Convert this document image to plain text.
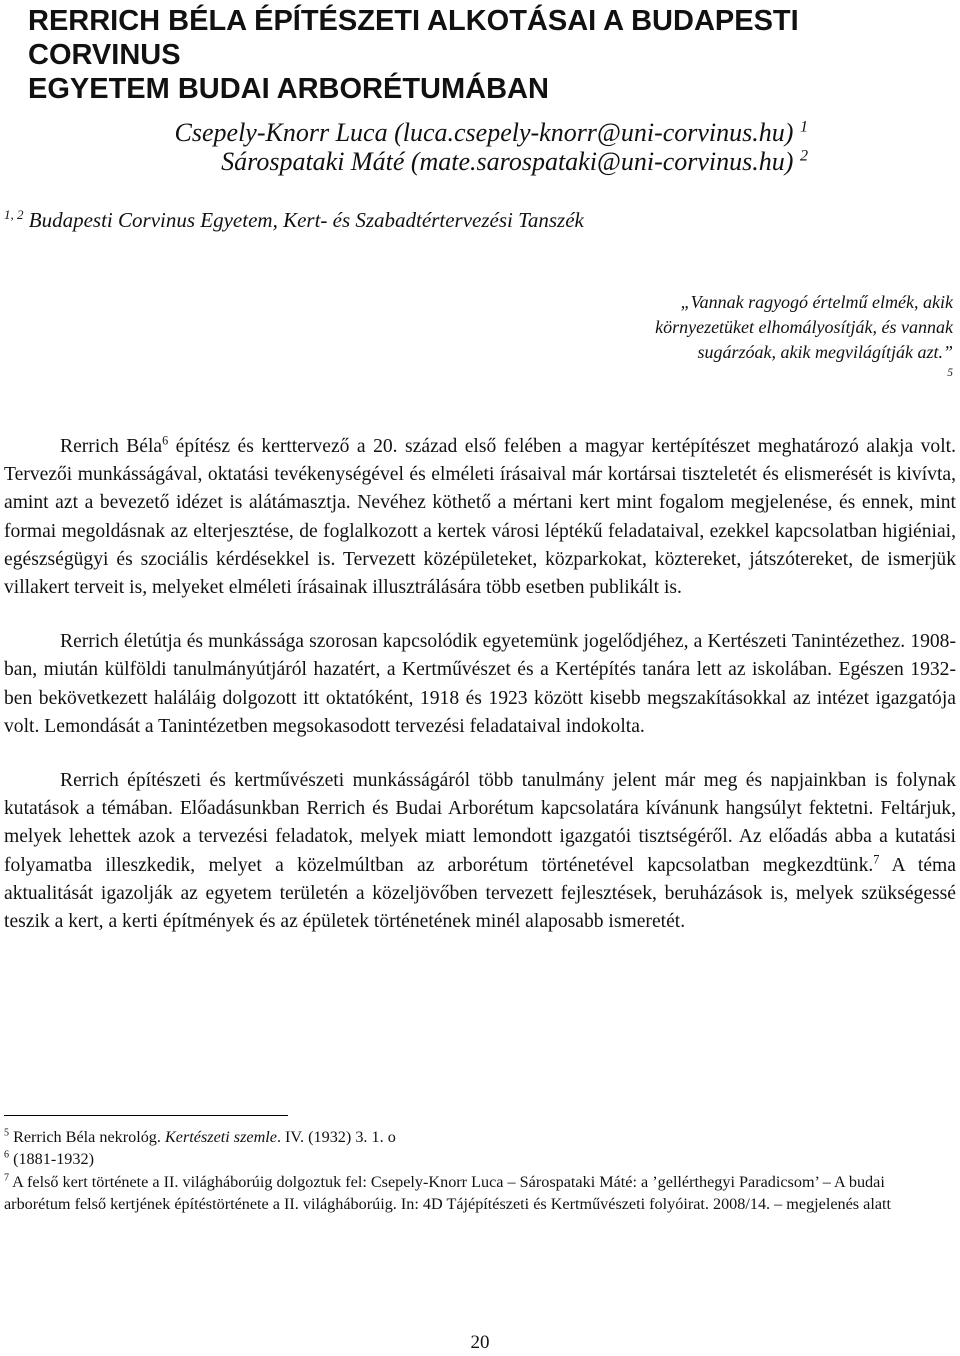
RERRICH BÉLA ÉPÍTÉSZETI ALKOTÁSAI A BUDAPESTI CORVINUS
EGYETEM BUDAI ARBORÉTUMÁBAN
Csepely-Knorr Luca (luca.csepely-knorr@uni-corvinus.hu) $^1$
Sárospataki Máté (mate.sarospataki@uni-corvinus.hu) $^2$
$^{1, 2}$ Budapesti Corvinus Egyetem, Kert- és Szabadtértervezési Tanszék
„Vannak ragyogó értelmű elmék, akik
környezetüket elhomályosítják, és vannak
sugárzóak, akik megvilágítják azt.”
$^5$

Rerrich Béla$^6$ építész és kerttervező a 20. század első felében a magyar kertépítészet meghatározó alakja volt. Tervezői munkásságával, oktatási tevékenységével és elméleti írásaival már kortársai tiszteletét és elismerését is kivívta, amint azt a bevezető idézet is alátámasztja. Nevéhez köthető a mértani kert mint fogalom megjelenése, és ennek, mint formai megoldásnak az elterjesztése, de foglalkozott a kertek városi léptékű feladataival, ezekkel kapcsolatban higiéniai, egészségügyi és szociális kérdésekkel is. Tervezett középületeket, közparkokat, köztereket, játszótereket, de ismerjük villakert terveit is, melyeket elméleti írásainak illusztrálására több esetben publikált is.

Rerrich életútja és munkássága szorosan kapcsolódik egyetemünk jogelődjéhez, a Kertészeti Tanintézethez. 1908-ban, miután külföldi tanulmányútjáról hazatért, a Kertművészet és a Kertépítés tanára lett az iskolában. Egészen 1932-ben bekövetkezett haláláig dolgozott itt oktatóként, 1918 és 1923 között kisebb megszakításokkal az intézet igazgatója volt. Lemondását a Tanintézetben megsokasodott tervezési feladataival indokolta.

Rerrich építészeti és kertművészeti munkásságáról több tanulmány jelent már meg és napjainkban is folynak kutatások a témában. Előadásunkban Rerrich és Budai Arborétum kapcsolatára kívánunk hangsúlyt fektetni. Feltárjuk, melyek lehettek azok a tervezési feladatok, melyek miatt lemondott igazgatói tisztségéről. Az előadás abba a kutatási folyamatba illeszkedik, melyet a közelmúltban az arborétum történetével kapcsolatban megkezdtünk.$^7$ A téma aktualitását igazolják az egyetem területén a közeljövőben tervezett fejlesztések, beruházások is, melyek szükségessé teszik a kert, a kerti építmények és az épületek történetének minél alaposabb ismeretét.

$^5$ Rerrich Béla nekrológ. Kertészeti szemle. IV. (1932) 3. 1. o
$^6$ (1881-1932)
$^7$ A felső kert története a II. világháborúig dolgoztuk fel: Csepely-Knorr Luca – Sárospataki Máté: a ’gellérthegyi Paradicsom’ – A budai arborétum felső kertjének építéstörténete a II. világháborúig. In: 4D Tájépítészeti és Kertművészeti folyóirat. 2008/14. – megjelenés alatt
20
